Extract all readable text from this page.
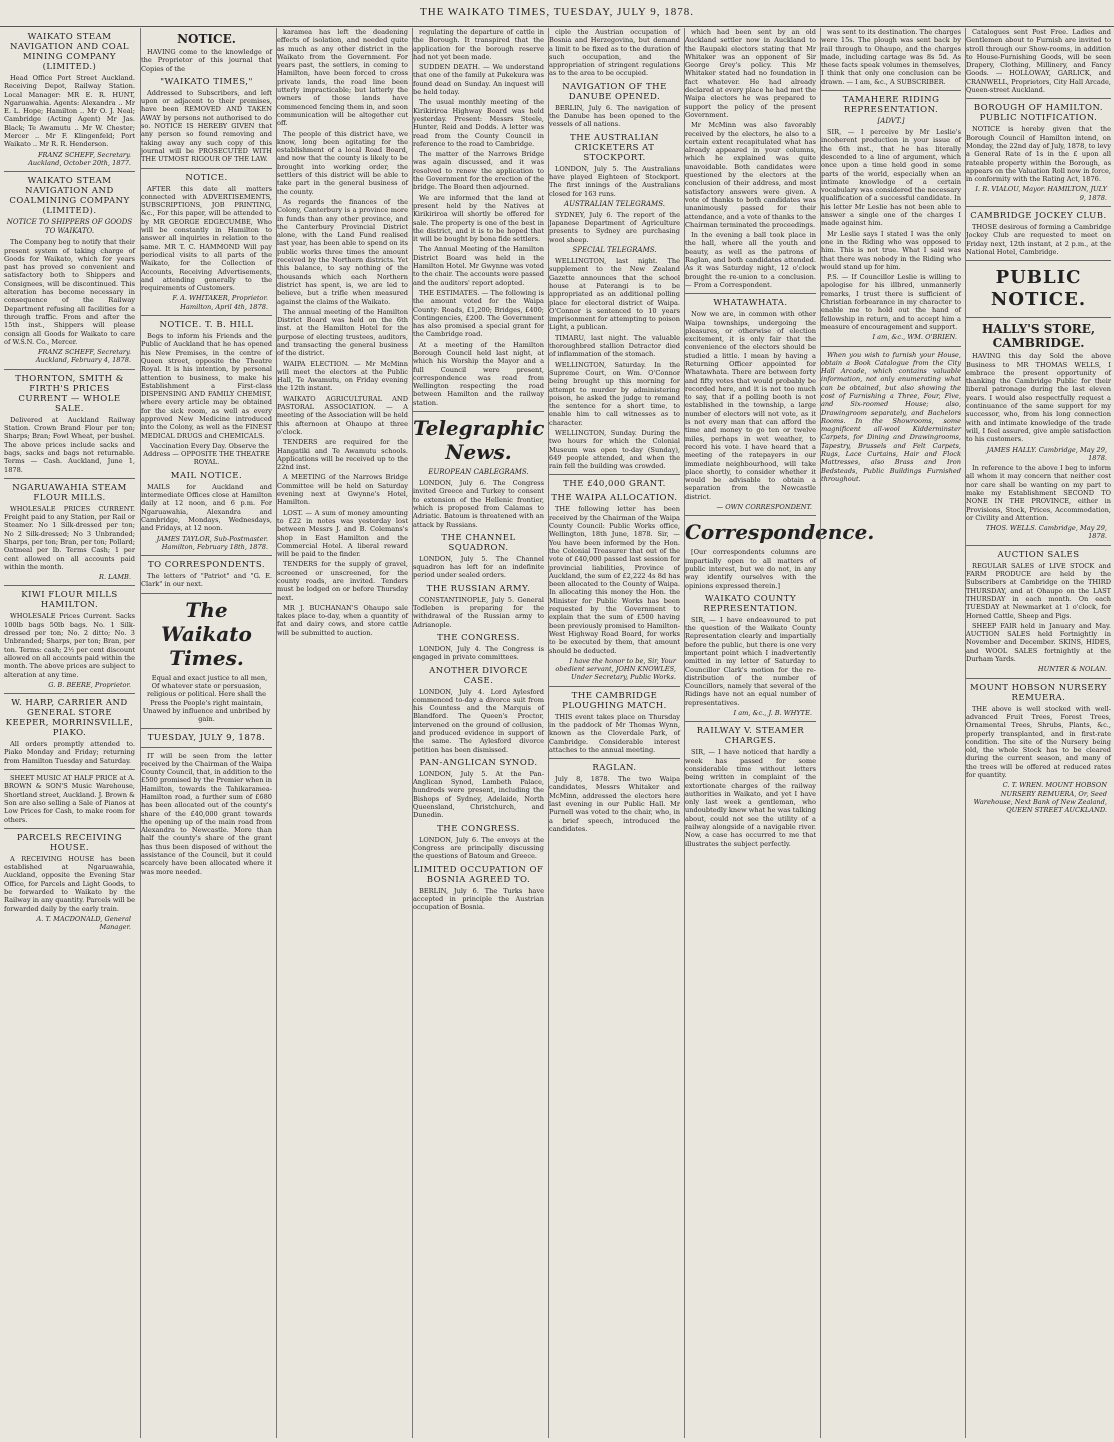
THE WAIKATO TIMES, TUESDAY, JULY 9, 1878.
WAIKATO STEAM NAVIGATION AND COAL MINING COMPANY (LIMITED.)

Head Office Port Street Auckland. Receiving Depot, Railway Station. Local Manager: MR E. R. HUNT, Ngaruawahia. Agents: Alexandra .. Mr E. L. Hope; Hamilton .. Mr O. J. Neal; Cambridge (Acting Agent) Mr Jas. Black; Te Awamutu .. Mr W. Chester; Mercer .. Mr F. Klingenfeld; Port Waikato .. Mr R. R. Henderson.

FRANZ SCHEFF, Secretary. Auckland, October 20th, 1877.
WAIKATO STEAM NAVIGATION AND COALMINING COMPANY (LIMITED).
NOTICE TO SHIPPERS OF GOODS TO WAIKATO.

The Company beg to notify that their present system of taking charge of Goods for Waikato, which for years past has proved so convenient and satisfactory both to Shippers and Consignees, will be discontinued. This alteration has become necessary in consequence of the Railway Department refusing all facilities for a through traffic. From and after the 15th inst., Shippers will please consign all Goods for Waikato to care of W.S.N. Co., Mercer.

FRANZ SCHEFF, Secretary. Auckland, February 4, 1878.
THORNTON, SMITH & FIRTH'S PRICES CURRENT — WHOLE SALE.

Delivered at Auckland Railway Station. Crown Brand Flour per ton; Sharps; Bran; Fowl Wheat, per bushel. The above prices include sacks and bags, sacks and bags not returnable. Terms — Cash. Auckland, June 1, 1878.

NGARUAWAHIA STEAM FLOUR MILLS.

WHOLESALE PRICES CURRENT. Freight paid to any Station, per Rail or Steamer. No 1 Silk-dressed per ton; No 2 Silk-dressed; No 3 Unbranded; Sharps, per ton; Bran, per ton; Pollard; Oatmeal per lb. Terms Cash; 1 per cent allowed on all accounts paid within the month.

R. LAMB.
KIWI FLOUR MILLS HAMILTON.

WHOLESALE Prices Current. Sacks 100lb bags 50lb bags. No. 1 Silk-dressed per ton; No. 2 ditto; No. 3 Unbranded; Sharps, per ton; Bran, per ton. Terms: cash; 2½ per cent discount allowed on all accounts paid within the month. The above prices are subject to alteration at any time.

G. B. BEERE, Proprietor.
W. HARP, CARRIER AND GENERAL STORE KEEPER, MORRINSVILLE, PIAKO.

All orders promptly attended to. Piako Monday and Friday; returning from Hamilton Tuesday and Saturday.

SHEET MUSIC AT HALF PRICE at A. BROWN & SON'S Music Warehouse, Shortland street, Auckland. J. Brown & Son are also selling a Sale of Pianos at Low Prices for Cash, to make room for others.

PARCELS RECEIVING HOUSE.

A RECEIVING HOUSE has been established at Ngaruawahia, Auckland, opposite the Evening Star Office, for Parcels and Light Goods, to be forwarded to Waikato by the Railway in any quantity. Parcels will be forwarded daily by the early train.

A. T. MACDONALD, General Manager.
NOTICE.

HAVING come to the knowledge of the Proprietor of this journal that Copies of the

"WAIKATO TIMES,"

Addressed to Subscribers, and left upon or adjacent to their premises, have been REMOVED AND TAKEN AWAY by persons not authorised to do so. NOTICE IS HEREBY GIVEN that any person so found removing and taking away any such copy of this journal will be PROSECUTED WITH THE UTMOST RIGOUR OF THE LAW.

NOTICE.

AFTER this date all matters connected with ADVERTISEMENTS, SUBSCRIPTIONS, JOB PRINTING, &c., For this paper, will be attended to by MR GEORGE EDGECUMBE, Who will be constantly in Hamilton to answer all inquiries in relation to the same. MR T. C. HAMMOND Will pay periodical visits to all parts of the Waikato, for the Collection of Accounts, Receiving Advertisements, and attending generally to the requirements of Customers.

F. A. WHITAKER, Proprietor. Hamilton, April 4th, 1878.
NOTICE. T. B. HILL

Begs to inform his Friends and the Public of Auckland that he has opened his New Premises, in the centre of Queen street, opposite the Theatre Royal. It is his intention, by personal attention to business, to make his Establishment a First-class DISPENSING AND FAMILY CHEMIST, where every article may be obtained for the sick room, as well as every approved New Medicine introduced into the Colony, as well as the FINEST MEDICAL DRUGS and CHEMICALS.

Vaccination Every Day. Observe the Address — OPPOSITE THE THEATRE ROYAL.

MAIL NOTICE.

MAILS for Auckland and intermediate Offices close at Hamilton daily at 12 noon, and 6 p.m. For Ngaruawahia, Alexandra and Cambridge, Mondays, Wednesdays, and Fridays, at 12 noon.

JAMES TAYLOR, Sub-Postmaster. Hamilton, February 18th, 1878.
TO CORRESPONDENTS.

The letters of "Patriot" and "G. E. Clark" in our next.

The Waikato Times.

Equal and exact justice to all men, Of whatever state or persuasion, religious or political. Here shall the Press the People's right maintain, Unawed by influence and unbribed by gain.

TUESDAY, JULY 9, 1878.

IT will be seen from the letter received by the Chairman of the Waipa County Council, that, in addition to the £500 promised by the Premier when in Hamilton, towards the Tahikaramea-Hamilton road, a further sum of £680 has been allocated out of the county's share of the £40,000 grant towards the opening up of the main road from Alexandra to Newcastle. More than half the county's share of the grant has thus been disposed of without the assistance of the Council, but it could scarcely have been allocated where it was more needed.

karamea has left the deadening effects of isolation, and needed quite as much as any other district in the Waikato from the Government. For years past, the settlers, in coming to Hamilton, have been forced to cross private lands, the road line been utterly impracticable; but latterly the owners of those lands have commenced fencing them in, and soon communication will be altogether cut off.

The people of this district have, we know, long been agitating for the establishment of a local Road Board, and now that the county is likely to be brought into working order, the settlers of this district will be able to take part in the general business of the county.

As regards the finances of the Colony, Canterbury is a province more in funds than any other province, and the Canterbury Provincial District alone, with the Land Fund realised last year, has been able to spend on its public works three times the amount received by the Northern districts. Yet this balance, to say nothing of the thousands which each Northern district has spent, is, we are led to believe, but a trifle when measured against the claims of the Waikato.

The annual meeting of the Hamilton District Board was held on the 6th inst. at the Hamilton Hotel for the purpose of electing trustees, auditors, and transacting the general business of the district.

WAIPA ELECTION. — Mr McMinn will meet the electors at the Public Hall, Te Awamutu, on Friday evening the 12th instant.

WAIKATO AGRICULTURAL AND PASTORAL ASSOCIATION. — A meeting of the Association will be held this afternoon at Ohaupo at three o'clock.

TENDERS are required for the Hangatiki and Te Awamutu schools. Applications will be received up to the 22nd inst.

A MEETING of the Narrows Bridge Committee will be held on Saturday evening next at Gwynne's Hotel, Hamilton.

LOST. — A sum of money amounting to £22 in notes was yesterday lost between Messrs J. and B. Colemans's shop in East Hamilton and the Commercial Hotel. A liberal reward will be paid to the finder.

TENDERS for the supply of gravel, screened or unscreened, for the county roads, are invited. Tenders must be lodged on or before Thursday next.

MR J. BUCHANAN'S Ohaupo sale takes place to-day, when a quantity of fat and dairy cows, and store cattle will be submitted to auction.

regulating the departure of cattle in the Borough. It transpired that the application for the borough reserve had not yet been made.

SUDDEN DEATH. — We understand that one of the family at Pukekura was found dead on Sunday. An inquest will be held today.

The usual monthly meeting of the Kirikiriroa Highway Board was held yesterday. Present: Messrs Steele, Hunter, Reid and Dodds. A letter was read from the County Council in reference to the road to Cambridge.

The matter of the Narrows Bridge was again discussed, and it was resolved to renew the application to the Government for the erection of the bridge. The Board then adjourned.

We are informed that the land at present held by the Natives at Kirikiriroa will shortly be offered for sale. The property is one of the best in the district, and it is to be hoped that it will be bought by bona fide settlers.

The Annual Meeting of the Hamilton District Board was held in the Hamilton Hotel. Mr Gwynne was voted to the chair. The accounts were passed and the auditors' report adopted.

THE ESTIMATES. — The following is the amount voted for the Waipa County: Roads, £1,200; Bridges, £400; Contingencies, £200. The Government has also promised a special grant for the Cambridge road.

At a meeting of the Hamilton Borough Council held last night, at which his Worship the Mayor and a full Council were present, correspondence was read from Wellington respecting the road between Hamilton and the railway station.

Telegraphic News.
EUROPEAN CABLEGRAMS.

LONDON, July 6. The Congress invited Greece and Turkey to consent to extension of the Hellenic frontier, which is proposed from Calamas to Adriatic. Batoum is threatened with an attack by Russians.

THE CHANNEL SQUADRON.

LONDON, July 5. The Channel squadron has left for an indefinite period under sealed orders.

THE RUSSIAN ARMY.

CONSTANTINOPLE, July 5. General Todleben is preparing for the withdrawal of the Russian army to Adrianople.

THE CONGRESS.

LONDON, July 4. The Congress is engaged in private committees.

ANOTHER DIVORCE CASE.

LONDON, July 4. Lord Aylesford commenced to-day a divorce suit from his Countess and the Marquis of Blandford. The Queen's Proctor, intervened on the ground of collusion, and produced evidence in support of the same. The Aylesford divorce petition has been dismissed.

PAN-ANGLICAN SYNOD.

LONDON, July 5. At the Pan-Anglican Synod, Lambeth Palace, hundreds were present, including the Bishops of Sydney, Adelaide, North Queensland, Christchurch, and Dunedin.

THE CONGRESS.

LONDON, July 6. The envoys at the Congress are principally discussing the questions of Batoum and Greece.

LIMITED OCCUPATION OF BOSNIA AGREED TO.

BERLIN, July 6. The Turks have accepted in principle the Austrian occupation of Bosnia.

ciple the Austrian occupation of Bosnia and Herzegovina, but demand a limit to be fixed as to the duration of such occupation, and the appropriation of stringent regulations as to the area to be occupied.

NAVIGATION OF THE DANUBE OPENED.

BERLIN, July 6. The navigation of the Danube has been opened to the vessels of all nations.

THE AUSTRALIAN CRICKETERS AT STOCKPORT.

LONDON, July 5. The Australians have played Eighteen of Stockport. The first innings of the Australians closed for 163 runs.

AUSTRALIAN TELEGRAMS.

SYDNEY, July 6. The report of the Japanese Department of Agriculture presents to Sydney are purchasing wool sheep.

SPECIAL TELEGRAMS.

WELLINGTON, last night. The supplement to the New Zealand Gazette announces that the school house at Paterangi is to be appropriated as an additional polling place for electoral district of Waipa. O'Connor is sentenced to 10 years imprisonment for attempting to poison Light, a publican.

TIMARU, last night. The valuable thoroughbred stallion Detractor died of inflammation of the stomach.

WELLINGTON, Saturday. In the Supreme Court, on Wm. O'Connor being brought up this morning for attempt to murder by administering poison, he asked the judge to remand the sentence for a short time, to enable him to call witnesses as to character.

WELLINGTON, Sunday. During the two hours for which the Colonial Museum was open to-day (Sunday), 649 people attended, and when the rain fell the building was crowded.

THE £40,000 GRANT.
THE WAIPA ALLOCATION.

THE following letter has been received by the Chairman of the Waipa County Council: Public Works office, Wellington, 18th June, 1878. Sir, — You have been informed by the Hon. the Colonial Treasurer that out of the vote of £40,000 passed last session for provincial liabilities, Province of Auckland, the sum of £2,222 4s 8d has been allocated to the County of Waipa. In allocating this money the Hon. the Minister for Public Works has been requested by the Government to explain that the sum of £500 having been previously promised to Hamilton-West Highway Road Board, for works to be executed by them, that amount should be deducted.

I have the honor to be, Sir, Your obedient servant, JOHN KNOWLES, Under Secretary, Public Works.
THE CAMBRIDGE PLOUGHING MATCH.

THIS event takes place on Thursday in the paddock of Mr Thomas Wynn, known as the Cloverdale Park, of Cambridge. Considerable interest attaches to the annual meeting.

RAGLAN.

July 8, 1878. The two Waipa candidates, Messrs Whitaker and McMinn, addressed the electors here last evening in our Public Hall. Mr Purnell was voted to the chair, who, in a brief speech, introduced the candidates.

which had been sent by an old Auckland settler now in Auckland to the Raupaki electors stating that Mr Whitaker was an opponent of Sir George Grey's policy. This Mr Whitaker stated had no foundation in fact whatever. He had already declared at every place he had met the Waipa electors he was prepared to support the policy of the present Government.

Mr McMinn was also favorably received by the electors, he also to a certain extent recapitulated what has already appeared in your columns, which he explained was quite unavoidable. Both candidates were questioned by the electors at the conclusion of their address, and most satisfactory answers were given. A vote of thanks to both candidates was unanimously passed for their attendance, and a vote of thanks to the Chairman terminated the proceedings.

In the evening a ball took place in the hall, where all the youth and beauty, as well as the patrons of Raglan, and both candidates attended. As it was Saturday night, 12 o'clock brought the re-union to a conclusion. — From a Correspondent.

WHATAWHATA.

Now we are, in common with other Waipa townships, undergoing the pleasures, or otherwise of election excitement, it is only fair that the convenience of the electors should be studied a little. I mean by having a Returning Officer appointed for Whatawhata. There are between forty and fifty votes that would probably be recorded here, and it is not too much to say, that if a polling booth is not established in the township, a large number of electors will not vote, as it is not every man that can afford the time and money to go ten or twelve miles, perhaps in wet weather, to record his vote. I have heard that a meeting of the ratepayers in our immediate neighbourhood, will take place shortly, to consider whether it would be advisable to obtain a separation from the Newcastle district.

— OWN CORRESPONDENT.
Correspondence.

[Our correspondents columns are impartially open to all matters of public interest, but we do not, in any way identify ourselves with the opinions expressed therein.]

WAIKATO COUNTY REPRESENTATION.

SIR, — I have endeavoured to put the question of the Waikato County Representation clearly and impartially before the public, but there is one very important point which I inadvertently omitted in my letter of Saturday to Councillor Clark's motion for the re-distribution of the number of Councillors, namely that several of the Ridings have not an equal number of representatives.

I am, &c., J. B. WHYTE.
RAILWAY V. STEAMER CHARGES.

SIR, — I have noticed that hardly a week has passed for some considerable time without letters being written in complaint of the extortionate charges of the railway authorities in Waikato, and yet I have only last week a gentleman, who undoubtedly knew what he was talking about, could not see the utility of a railway alongside of a navigable river. Now, a case has occurred to me that illustrates the subject perfectly.

was sent to its destination. The charges were 15s. The plough was sent back by rail through to Ohaupo, and the charges made, including cartage was 8s 5d. As these facts speak volumes in themselves, I think that only one conclusion can be drawn. — I am, &c., A SUBSCRIBER.

TAMAHERE RIDING REPRESENTATION.
[ADVT.]

SIR, — I perceive by Mr Leslie's incoherent production in your issue of the 6th inst., that he has literally descended to a line of argument, which once upon a time held good in some parts of the world, especially when an intimate knowledge of a certain vocabulary was considered the necessary qualification of a successful candidate. In his letter Mr Leslie has not been able to answer a single one of the charges I made against him.

Mr Leslie says I stated I was the only one in the Riding who was opposed to him. This is not true. What I said was that there was nobody in the Riding who would stand up for him.

P.S. — If Councillor Leslie is willing to apologise for his illbred, unmannerly remarks, I trust there is sufficient of Christian forbearance in my character to enable me to hold out the hand of fellowship in return, and to accept him a measure of encouragement and support.

I am, &c., WM. O'BRIEN.

When you wish to furnish your House, obtain a Book Catalogue from the City Hall Arcade, which contains valuable information, not only enumerating what can be obtained, but also showing the cost of Furnishing a Three, Four, Five, and Six-roomed House; also, Drawingroom separately, and Bachelors Rooms. In the Showrooms, some magnificent all-wool Kidderminster Carpets, for Dining and Drawingrooms, Tapestry, Brussels and Felt Carpets, Rugs, Lace Curtains, Hair and Flock Mattresses, also Brass and Iron Bedsteads, Public Buildings Furnished throughout.

Catalogues sent Post Free. Ladies and Gentlemen about to Furnish are invited to stroll through our Show-rooms, in addition to House-Furnishing Goods, will be seen Drapery, Clothing, Millinery, and Fancy Goods. — HOLLOWAY, GARLICK, and CRANWELL, Proprietors, City Hall Arcade, Queen-street Auckland.

BOROUGH OF HAMILTON. PUBLIC NOTIFICATION.

NOTICE is hereby given that the Borough Council of Hamilton intend, on Monday, the 22nd day of July, 1878, to levy a General Rate of 1s in the £ upon all rateable property within the Borough, as appears on the Valuation Roll now in force, in conformity with the Rating Act, 1876.

I. R. VIALOU, Mayor. HAMILTON, JULY 9, 1878.
CAMBRIDGE JOCKEY CLUB.

THOSE desirous of forming a Cambridge Jockey Club are requested to meet on Friday next, 12th instant, at 2 p.m., at the National Hotel, Cambridge.

PUBLIC NOTICE.
HALLY'S STORE, CAMBRIDGE.

HAVING this day Sold the above Business to MR THOMAS WELLS, I embrace the present opportunity of thanking the Cambridge Public for their liberal patronage during the last eleven years. I would also respectfully request a continuance of the same support for my successor, who, from his long connection with and intimate knowledge of the trade will, I feel assured, give ample satisfaction to his customers.

JAMES HALLY. Cambridge, May 29, 1878.

In reference to the above I beg to inform all whom it may concern that neither cost nor care shall be wanting on my part to make my Establishment SECOND TO NONE IN THE PROVINCE, either in Provisions, Stock, Prices, Accommodation, or Civility and Attention.

THOS. WELLS. Cambridge, May 29, 1878.
AUCTION SALES

REGULAR SALES of LIVE STOCK and FARM PRODUCE are held by the Subscribers at Cambridge on the THIRD THURSDAY, and at Ohaupo on the LAST THURSDAY in each month. On each TUESDAY at Newmarket at 1 o'clock, for Horned Cattle, Sheep and Pigs.

SHEEP FAIR held in January and May. AUCTION SALES held Fortnightly in November and December. SKINS, HIDES, and WOOL SALES fortnightly at the Durham Yards.

HUNTER & NOLAN.
MOUNT HOBSON NURSERY REMUERA.

THE above is well stocked with well-advanced Fruit Trees, Forest Trees, Ornamental Trees, Shrubs, Plants, &c., properly transplanted, and in first-rate condition. The site of the Nursery being old, the whole Stock has to be cleared during the current season, and many of the trees will be offered at reduced rates for quantity.

C. T. WREN. MOUNT HOBSON NURSERY REMUERA, Or, Seed Warehouse, Next Bank of New Zealand, QUEEN STREET AUCKLAND.
